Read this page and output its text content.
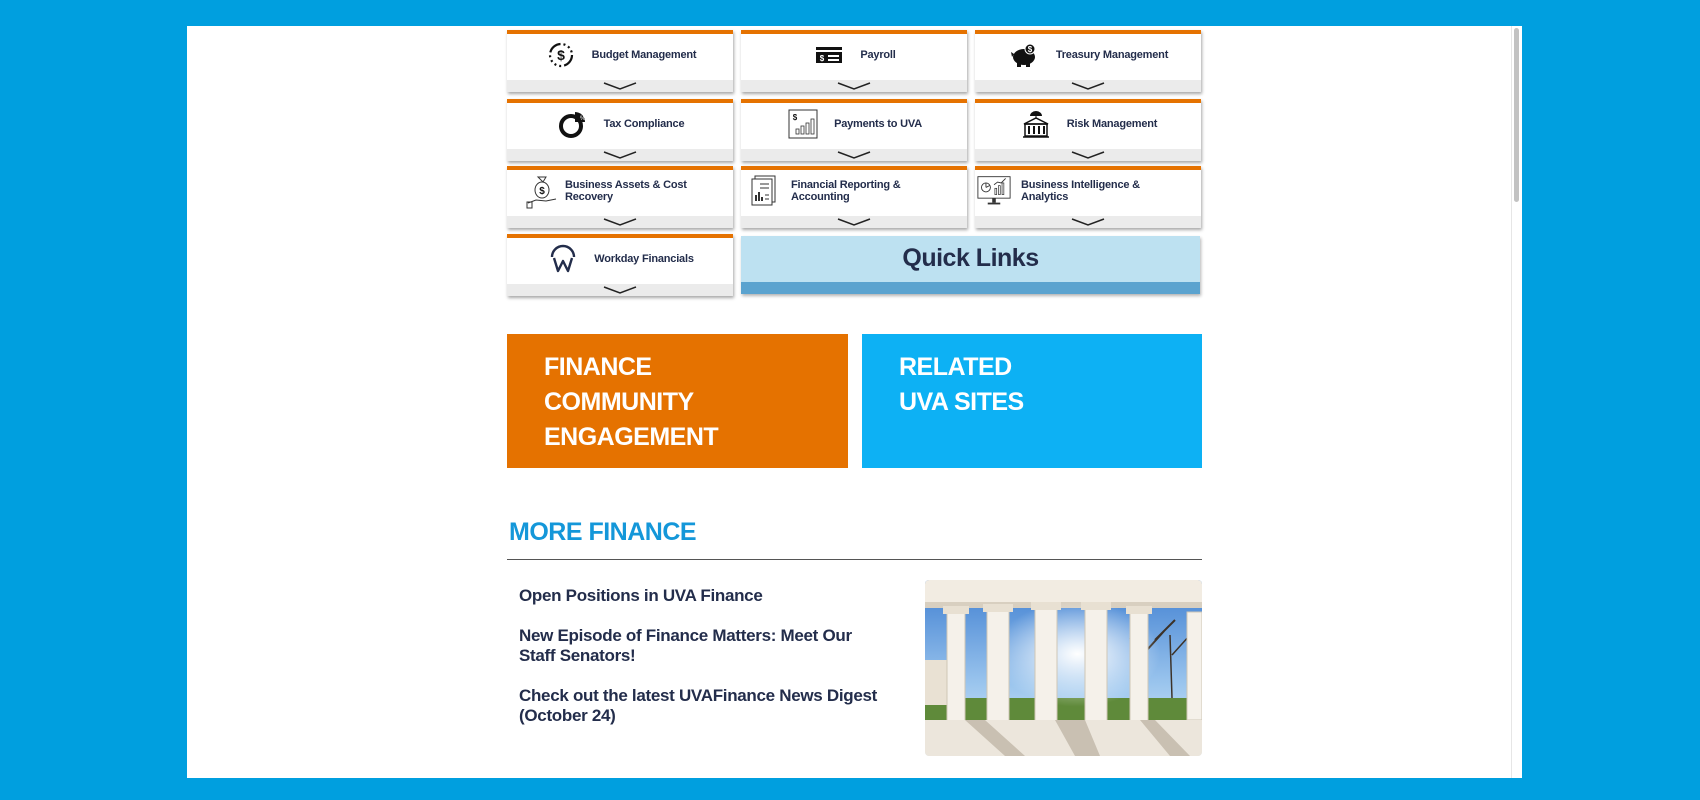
$ Budget Management	$	Payroll	$ Treasury Management
% Tax Compliance
$
Payments to UVA	Risk Management
$
Business Assets & Cost Recovery
Financial Reporting & Accounting
Business Intelligence & Analytics
Workday Financials	Quick Links
FINANCE
COMMUNITY
ENGAGEMENT
RELATED
UVA SITES
MORE FINANCE
Open Positions in UVA Finance
New Episode of Finance Matters: Meet Our Staff Senators!
Check out the latest UVAFinance News Digest (October 24)
